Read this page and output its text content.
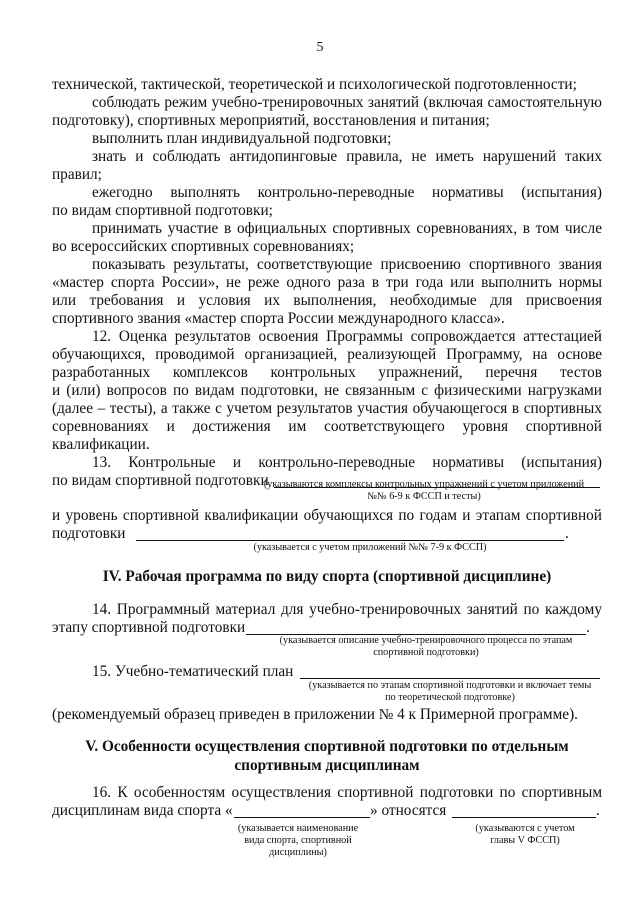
5
технической, тактической, теоретической и психологической подготовленности;
соблюдать режим учебно-тренировочных занятий (включая самостоятельную
подготовку), спортивных мероприятий, восстановления и питания;
выполнить план индивидуальной подготовки;
знать и соблюдать антидопинговые правила, не иметь нарушений таких
правил;
ежегодно выполнять контрольно-переводные нормативы (испытания)
по видам спортивной подготовки;
принимать участие в официальных спортивных соревнованиях, в том числе
во всероссийских спортивных соревнованиях;
показывать результаты, соответствующие присвоению спортивного звания
«мастер спорта России», не реже одного раза в три года или выполнить нормы
или требования и условия их выполнения, необходимые для присвоения
спортивного звания «мастер спорта России международного класса».
12. Оценка результатов освоения Программы сопровождается аттестацией
обучающихся, проводимой организацией, реализующей Программу, на основе
разработанных комплексов контрольных упражнений, перечня тестов
и (или) вопросов по видам подготовки, не связанным с физическими нагрузками
(далее – тесты), а также с учетом результатов участия обучающегося в спортивных
соревнованиях и достижения им соответствующего уровня спортивной
квалификации.
13. Контрольные и контрольно-переводные нормативы (испытания)
по видам спортивной подготовки
(указываются комплексы контрольных упражнений с учетом приложений
№№ 6-9 к ФССП и тесты)
и уровень спортивной квалификации обучающихся по годам и этапам спортивной
подготовки	.
(указывается с учетом приложений №№ 7-9 к ФССП)
IV. Рабочая программа по виду спорта (спортивной дисциплине)
14. Программный материал для учебно-тренировочных занятий по каждому
этапу спортивной подготовки	.
(указывается описание учебно-тренировочного процесса по этапам
спортивной подготовки)
15. Учебно-тематический план
(указывается по этапам спортивной подготовки и включает темы
по теоретической подготовке)
(рекомендуемый образец приведен в приложении № 4 к Примерной программе).
V. Особенности осуществления спортивной подготовки по отдельным
спортивным дисциплинам
16. К особенностям осуществления спортивной подготовки по спортивным
дисциплинам вида спорта «	» относятся	.
(указывается наименование
вида спорта, спортивной
дисциплины)
(указываются с учетом
главы V ФССП)
